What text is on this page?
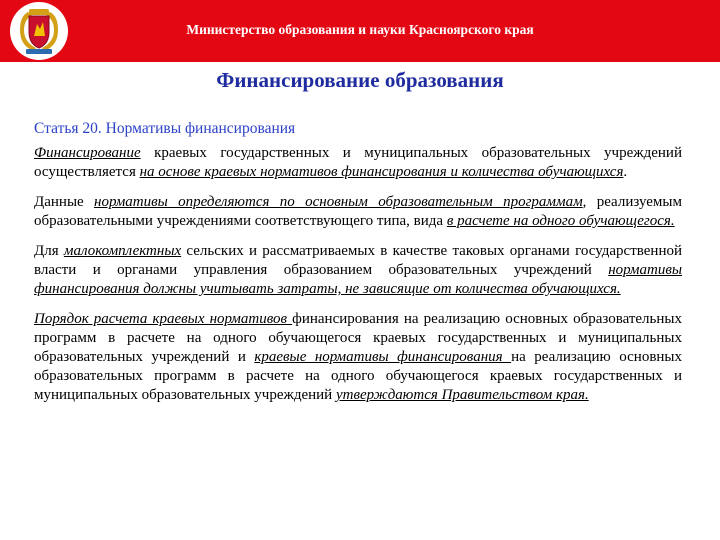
Министерство образования и науки Красноярского края
Финансирование образования
Статья 20. Нормативы финансирования

Финансирование краевых государственных и муниципальных образовательных учреждений осуществляется на основе краевых нормативов финансирования и количества обучающихся.

Данные нормативы определяются по основным образовательным программам, реализуемым образовательными учреждениями соответствующего типа, вида в расчете на одного обучающегося.

Для малокомплектных сельских и рассматриваемых в качестве таковых органами государственной власти и органами управления образованием образовательных учреждений нормативы финансирования должны учитывать затраты, не зависящие от количества обучающихся.

Порядок расчета краевых нормативов финансирования на реализацию основных образовательных программ в расчете на одного обучающегося краевых государственных и муниципальных образовательных учреждений и краевые нормативы финансирования на реализацию основных образовательных программ в расчете на одного обучающегося краевых государственных и муниципальных образовательных учреждений утверждаются Правительством края.
